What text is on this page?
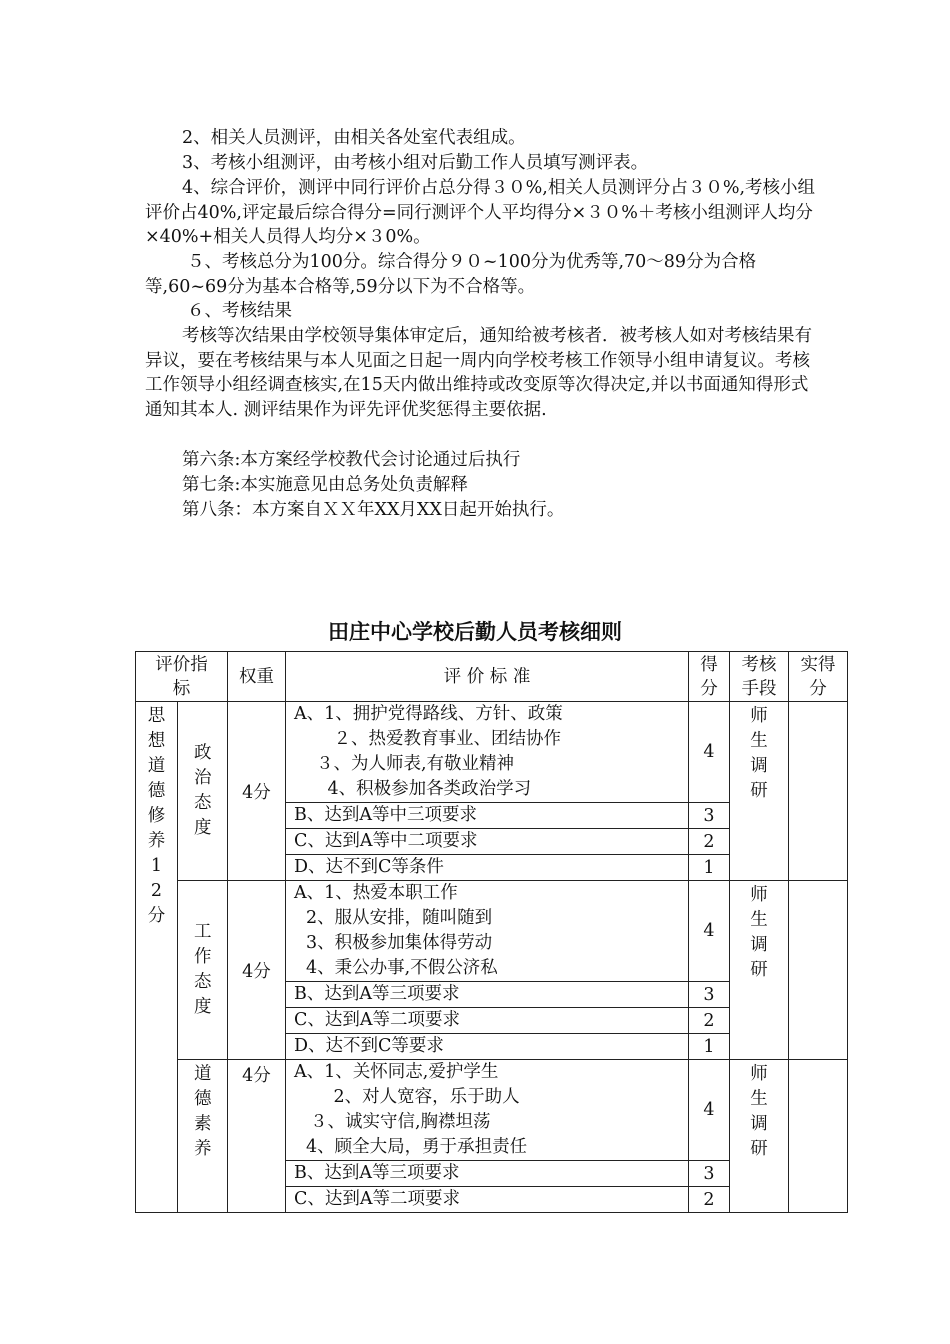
2、相关人员测评，由相关各处室代表组成。

3、考核小组测评，由考核小组对后勤工作人员填写测评表。

4、综合评价，测评中同行评价占总分得３０%,相关人员测评分占３０%,考核小组评价占40%,评定最后综合得分=同行测评个人平均得分×３０%＋考核小组测评人均分×40%+相关人员得人均分×３0%。

５、考核总分为100分。综合得分９０~100分为优秀等,70～89分为合格等,60~69分为基本合格等,59分以下为不合格等。

６、考核结果

考核等次结果由学校领导集体审定后，通知给被考核者．被考核人如对考核结果有异议，要在考核结果与本人见面之日起一周内向学校考核工作领导小组申请复议。考核工作领导小组经调查核实,在15天内做出维持或改变原等次得决定,并以书面通知得形式通知其本人. 测评结果作为评先评优奖惩得主要依据.

第六条:本方案经学校教代会讨论通过后执行

第七条:本实施意见由总务处负责解释

第八条：本方案自ＸＸ年XX月XX日起开始执行。

田庄中心学校后勤人员考核细则
评价指标		权重	评 价 标 准	得分	考核手段	实得分
思想道德修养12分	政治态度	4分	A、1、拥护党得路线、方针、政策
　２、热爱教育事业、团结协作
３、为人师表,有敬业精神
　4、积极参加各类政治学习	4	师生调研	
			B、达到A等中三项要求	3		
			C、达到A等中二项要求	2		
			D、达不到C等条件	1		
	工作态度	4分	A、1、热爱本职工作
2、服从安排，随叫随到
3、积极参加集体得劳动
4、秉公办事,不假公济私	4	师生调研	
			B、达到A等三项要求	3		
			C、达到A等二项要求	2		
			D、达不到C等要求	1		
	道德素养	4分	A、1、关怀同志,爱护学生
　2、对人宽容，乐于助人
３、诚实守信,胸襟坦荡
4、顾全大局，勇于承担责任	4	师生调研	
			B、达到A等三项要求	3		
			C、达到A等二项要求	2		
